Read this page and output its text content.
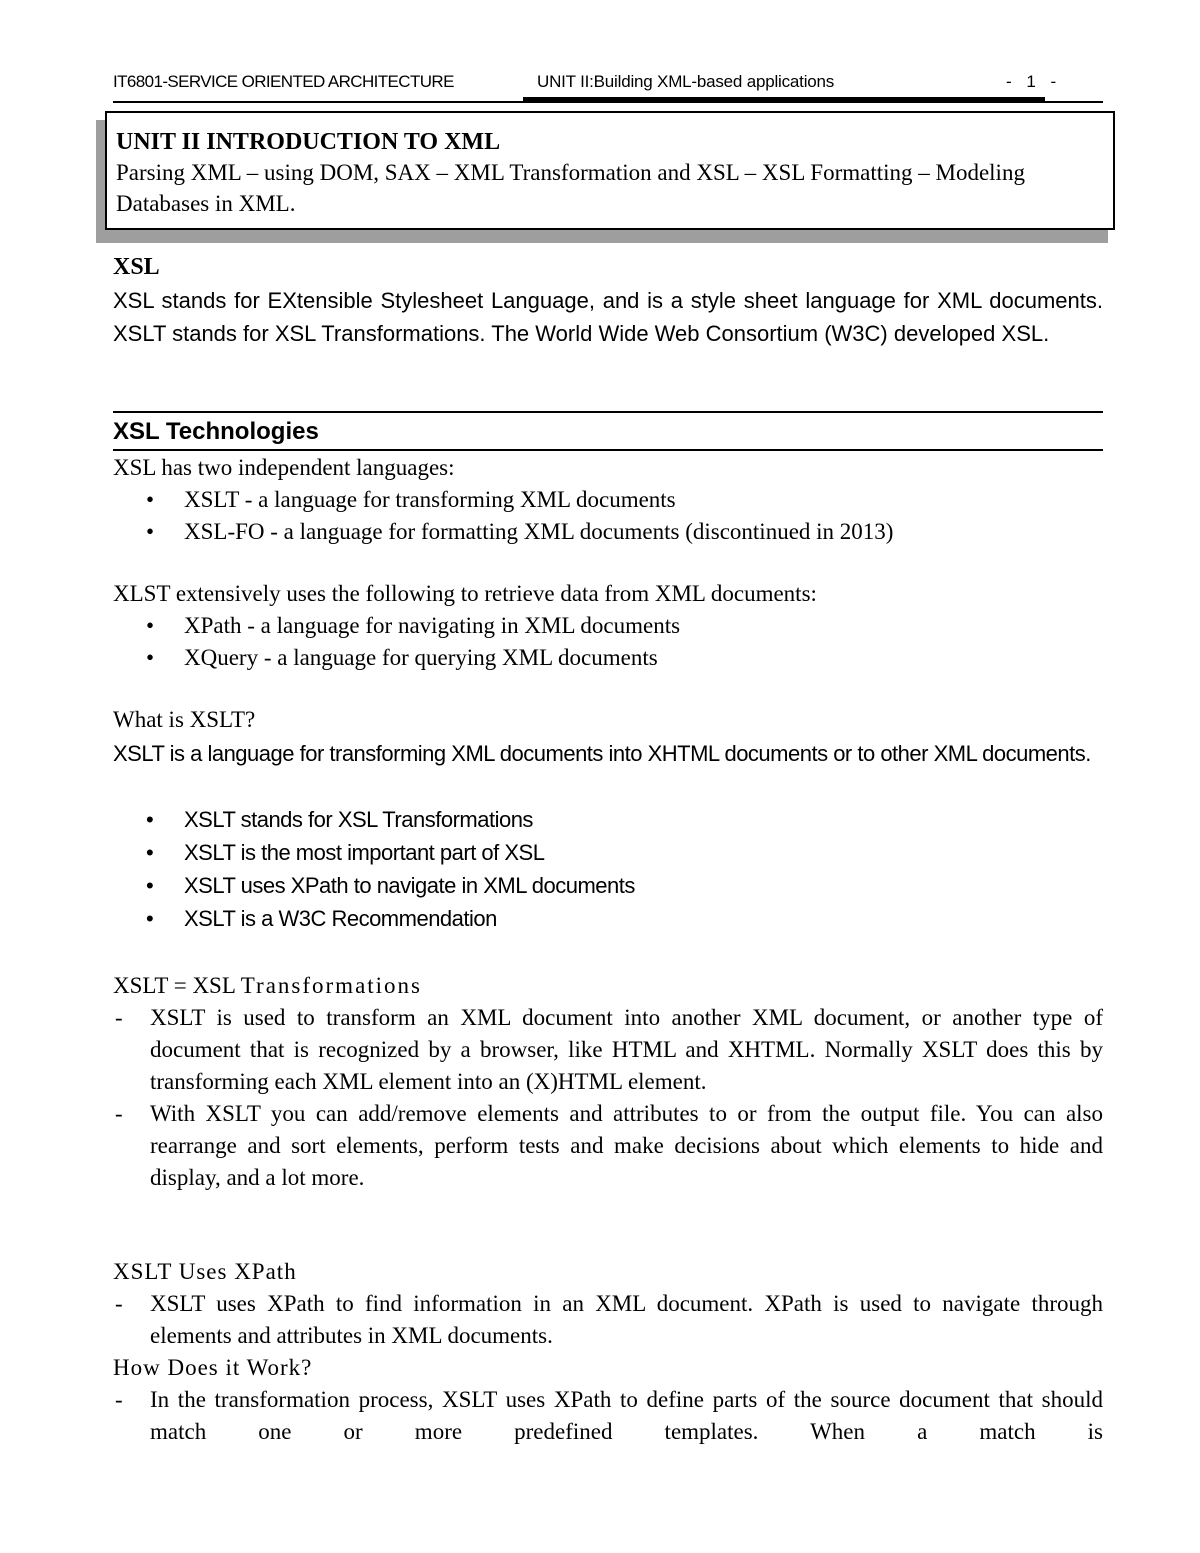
IT6801-SERVICE ORIENTED ARCHITECTURE	UNIT II:Building XML-based applications	- 1 -
UNIT II INTRODUCTION TO XML
Parsing XML – using DOM, SAX – XML Transformation and XSL – XSL Formatting – Modeling Databases in XML.
XSL
XSL stands for EXtensible Stylesheet Language, and is a style sheet language for XML documents. XSLT stands for XSL Transformations. The World Wide Web Consortium (W3C) developed XSL.
XSL Technologies
XSL has two independent languages:
• XSLT - a language for transforming XML documents
• XSL-FO - a language for formatting XML documents (discontinued in 2013)
XLST extensively uses the following to retrieve data from XML documents:
• XPath - a language for navigating in XML documents
• XQuery - a language for querying XML documents
What is XSLT?
XSLT is a language for transforming XML documents into XHTML documents or to other XML documents.
• XSLT stands for XSL Transformations
• XSLT is the most important part of XSL
• XSLT uses XPath to navigate in XML documents
• XSLT is a W3C Recommendation
XSLT = XSL Transformations
- XSLT is used to transform an XML document into another XML document, or another type of document that is recognized by a browser, like HTML and XHTML. Normally XSLT does this by transforming each XML element into an (X)HTML element.
- With XSLT you can add/remove elements and attributes to or from the output file. You can also rearrange and sort elements, perform tests and make decisions about which elements to hide and display, and a lot more.
XSLT Uses XPath
- XSLT uses XPath to find information in an XML document. XPath is used to navigate through elements and attributes in XML documents.
How Does it Work?
- In the transformation process, XSLT uses XPath to define parts of the source document that should match one or more predefined templates. When a match is
